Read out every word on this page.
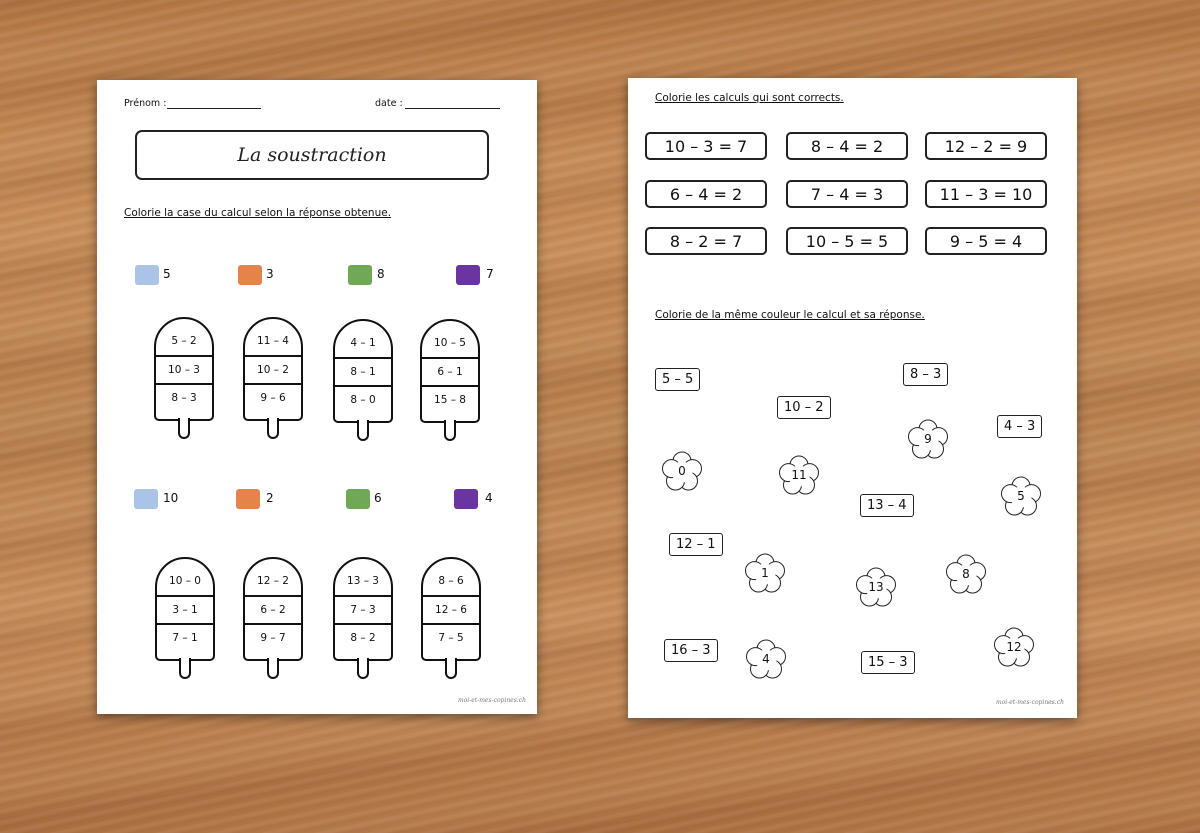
Prénom :	date :
La soustraction
Colorie la case du calcul selon la réponse obtenue.
5	3	8	7
5 – 2
10 – 3
8 – 3
11 – 4
10 – 2
9 – 6
4 – 1
8 – 1
8 – 0
10 – 5
6 – 1
15 – 8
10	2	6	4
10 – 0
3 – 1
7 – 1
12 – 2
6 – 2
9 – 7
13 – 3
7 – 3
8 – 2
8 – 6
12 – 6
7 – 5
moi-et-mes-copines.ch
Colorie les calculs qui sont corrects.
10 – 3 = 7	8 – 4 = 2	12 – 2 = 9
6 – 4 = 2	7 – 4 = 3	11 – 3 = 10
8 – 2 = 7	10 – 5 = 5	9 – 5 = 4
Colorie de la même couleur le calcul et sa réponse.
5 – 5	8 – 3
10 – 2
4 – 3
13 – 4
12 – 1
16 – 3
15 – 3
9
0	11
5
1
13
8
4
12
moi-et-mes-copines.ch
